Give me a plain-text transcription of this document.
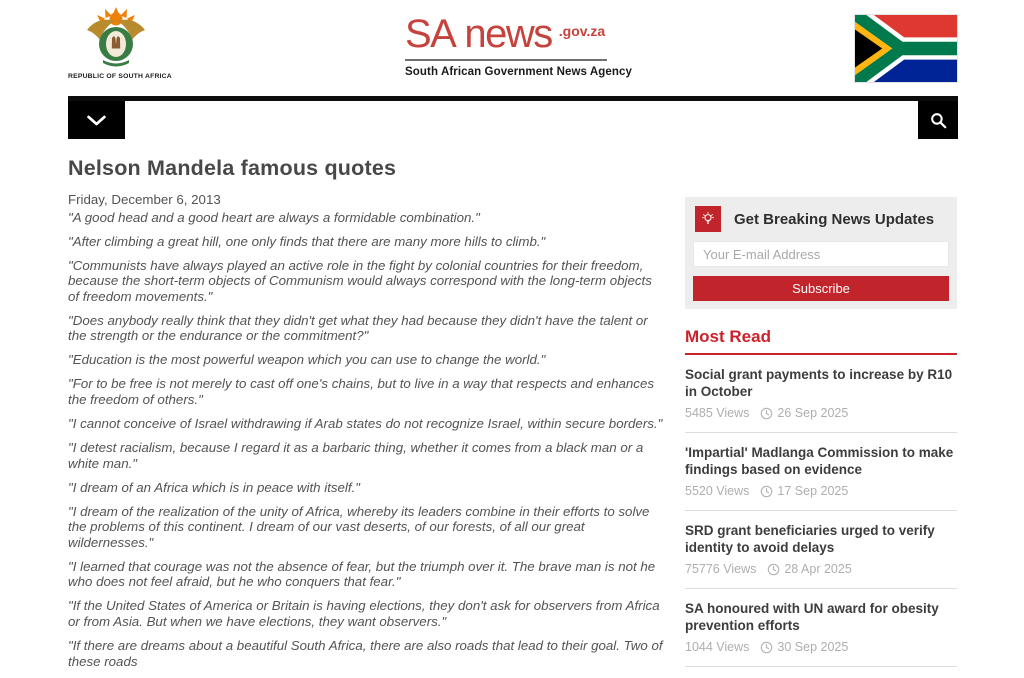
REPUBLIC OF SOUTH AFRICA
SA news .gov.za
South African Government News Agency
Nelson Mandela famous quotes

Friday, December 6, 2013

"A good head and a good heart are always a formidable combination."

"After climbing a great hill, one only finds that there are many more hills to climb."

"Communists have always played an active role in the fight by colonial countries for their freedom, because the short-term objects of Communism would always correspond with the long-term objects of freedom movements."

"Does anybody really think that they didn't get what they had because they didn't have the talent or the strength or the endurance or the commitment?"

"Education is the most powerful weapon which you can use to change the world."

"For to be free is not merely to cast off one's chains, but to live in a way that respects and enhances the freedom of others."

"I cannot conceive of Israel withdrawing if Arab states do not recognize Israel, within secure borders."

"I detest racialism, because I regard it as a barbaric thing, whether it comes from a black man or a white man."

"I dream of an Africa which is in peace with itself."

"I dream of the realization of the unity of Africa, whereby its leaders combine in their efforts to solve the problems of this continent. I dream of our vast deserts, of our forests, of all our great wildernesses."

"I learned that courage was not the absence of fear, but the triumph over it. The brave man is not he who does not feel afraid, but he who conquers that fear."

"If the United States of America or Britain is having elections, they don't ask for observers from Africa or from Asia. But when we have elections, they want observers."

"If there are dreams about a beautiful South Africa, there are also roads that lead to their goal. Two of these roads

Get Breaking News Updates
Your E-mail Address
Subscribe
Most Read

Social grant payments to increase by R10 in October

5485 Views 26 Sep 2025

'Impartial' Madlanga Commission to make findings based on evidence

5520 Views 17 Sep 2025

SRD grant beneficiaries urged to verify identity to avoid delays

75776 Views 28 Apr 2025

SA honoured with UN award for obesity prevention efforts

1044 Views 30 Sep 2025
